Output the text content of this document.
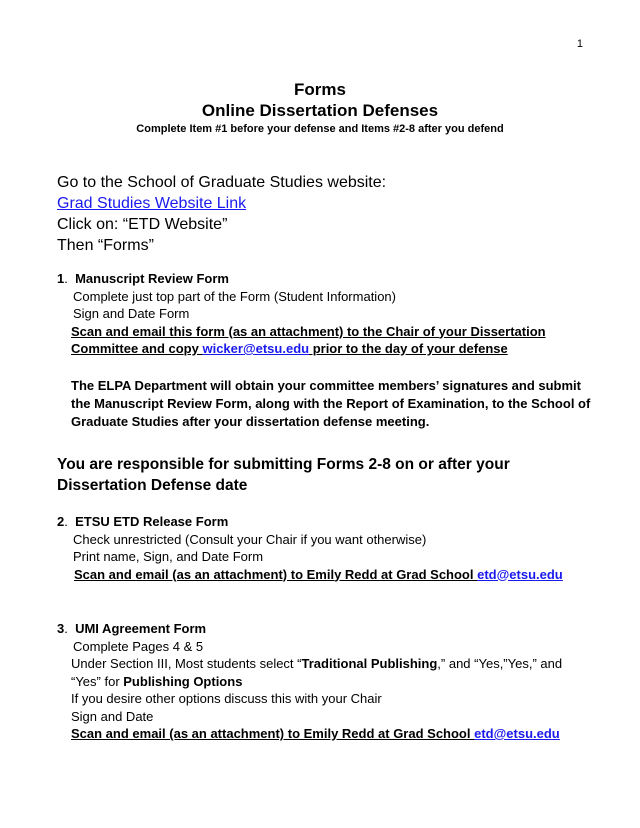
1
Forms
Online Dissertation Defenses
Complete Item #1 before your defense and Items #2-8 after you defend
Go to the School of Graduate Studies website:
Grad Studies Website Link
Click on: “ETD Website”
Then “Forms”
1. Manuscript Review Form
Complete just top part of the Form (Student Information)
Sign and Date Form
Scan and email this form (as an attachment) to the Chair of your Dissertation
Committee and copy wicker@etsu.edu prior to the day of your defense
The ELPA Department will obtain your committee members’ signatures and submit the Manuscript Review Form, along with the Report of Examination, to the School of Graduate Studies after your dissertation defense meeting.
You are responsible for submitting Forms 2-8 on or after your Dissertation Defense date
2. ETSU ETD Release Form
Check unrestricted (Consult your Chair if you want otherwise)
Print name, Sign, and Date Form
Scan and email (as an attachment) to Emily Redd at Grad School etd@etsu.edu
3. UMI Agreement Form
Complete Pages 4 & 5
Under Section III, Most students select “Traditional Publishing,” and “Yes,”Yes,” and
“Yes” for Publishing Options
If you desire other options discuss this with your Chair
Sign and Date
Scan and email (as an attachment) to Emily Redd at Grad School etd@etsu.edu
